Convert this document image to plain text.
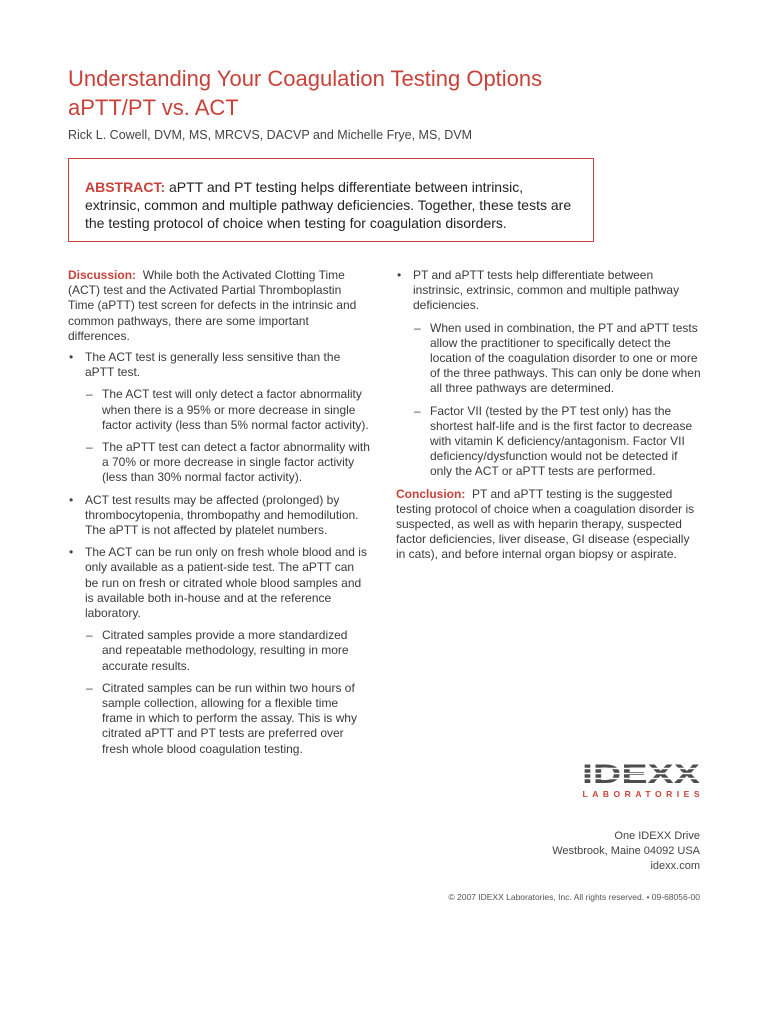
Understanding Your Coagulation Testing Options
aPTT/PT vs. ACT
Rick L. Cowell, DVM, MS, MRCVS, DACVP and Michelle Frye, MS, DVM
ABSTRACT: aPTT and PT testing helps differentiate between intrinsic, extrinsic, common and multiple pathway deficiencies. Together, these tests are the testing protocol of choice when testing for coagulation disorders.

Discussion: While both the Activated Clotting Time (ACT) test and the Activated Partial Thromboplastin Time (aPTT) test screen for defects in the intrinsic and common pathways, there are some important differences.

• The ACT test is generally less sensitive than the aPTT test.
– The ACT test will only detect a factor abnormality when there is a 95% or more decrease in single factor activity (less than 5% normal factor activity).
– The aPTT test can detect a factor abnormality with a 70% or more decrease in single factor activity (less than 30% normal factor activity).
• ACT test results may be affected (prolonged) by thrombocytopenia, thrombopathy and hemodilution. The aPTT is not affected by platelet numbers.
• The ACT can be run only on fresh whole blood and is only available as a patient-side test. The aPTT can be run on fresh or citrated whole blood samples and is available both in-house and at the reference laboratory.
– Citrated samples provide a more standardized and repeatable methodology, resulting in more accurate results.
– Citrated samples can be run within two hours of sample collection, allowing for a flexible time frame in which to perform the assay. This is why citrated aPTT and PT tests are preferred over fresh whole blood coagulation testing.
• PT and aPTT tests help differentiate between instrinsic, extrinsic, common and multiple pathway deficiencies.
– When used in combination, the PT and aPTT tests allow the practitioner to specifically detect the location of the coagulation disorder to one or more of the three pathways. This can only be done when all three pathways are determined.
– Factor VII (tested by the PT test only) has the shortest half-life and is the first factor to decrease with vitamin K deficiency/antagonism. Factor VII deficiency/dysfunction would not be detected if only the ACT or aPTT tests are performed.

Conclusion: PT and aPTT testing is the suggested testing protocol of choice when a coagulation disorder is suspected, as well as with heparin therapy, suspected factor deficiencies, liver disease, GI disease (especially in cats), and before internal organ biopsy or aspirate.

IDEXX
LABORATORIES
One IDEXX Drive
Westbrook, Maine 04092 USA
idexx.com
© 2007 IDEXX Laboratories, Inc. All rights reserved. • 09-68056-00
